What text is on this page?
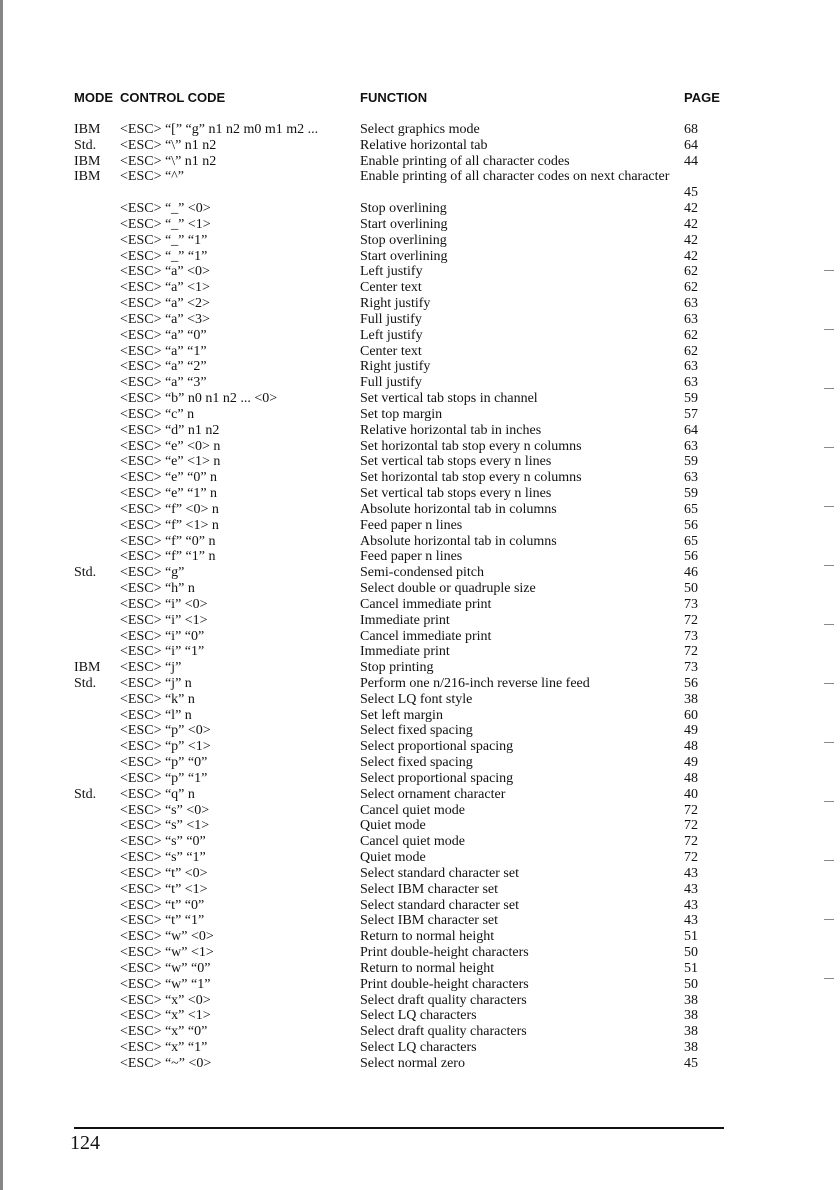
MODE CONTROL CODE	FUNCTION	PAGE
IBM <ESC> “[” “g” n1 n2 m0 m1 m2 ...	Select graphics mode	68
Std. <ESC> “\” n1 n2	Relative horizontal tab	64
IBM <ESC> “\” n1 n2	Enable printing of all character codes	44
IBM <ESC> “^”	Enable printing of all character codes on next character
45
<ESC> “_” <0>	Stop overlining	42
<ESC> “_” <1>	Start overlining	42
<ESC> “_” “1”	Stop overlining	42
<ESC> “_” “1”	Start overlining	42
<ESC> “a” <0>	Left justify	62
<ESC> “a” <1>	Center text	62
<ESC> “a” <2>	Right justify	63
<ESC> “a” <3>	Full justify	63
<ESC> “a” “0”	Left justify	62
<ESC> “a” “1”	Center text	62
<ESC> “a” “2”	Right justify	63
<ESC> “a” “3”	Full justify	63
<ESC> “b” n0 n1 n2 ... <0>	Set vertical tab stops in channel	59
<ESC> “c” n	Set top margin	57
<ESC> “d” n1 n2	Relative horizontal tab in inches	64
<ESC> “e” <0> n	Set horizontal tab stop every n columns	63
<ESC> “e” <1> n	Set vertical tab stops every n lines	59
<ESC> “e” “0” n	Set horizontal tab stop every n columns	63
<ESC> “e” “1” n	Set vertical tab stops every n lines	59
<ESC> “f” <0> n	Absolute horizontal tab in columns	65
<ESC> “f” <1> n	Feed paper n lines	56
<ESC> “f” “0” n	Absolute horizontal tab in columns	65
<ESC> “f” “1” n	Feed paper n lines	56
Std. <ESC> “g”	Semi-condensed pitch	46
<ESC> “h” n	Select double or quadruple size	50
<ESC> “i” <0>	Cancel immediate print	73
<ESC> “i” <1>	Immediate print	72
<ESC> “i” “0”	Cancel immediate print	73
<ESC> “i” “1”	Immediate print	72
IBM <ESC> “j”	Stop printing	73
Std. <ESC> “j” n	Perform one n/216-inch reverse line feed	56
<ESC> “k” n	Select LQ font style	38
<ESC> “l” n	Set left margin	60
<ESC> “p” <0>	Select fixed spacing	49
<ESC> “p” <1>	Select proportional spacing	48
<ESC> “p” “0”	Select fixed spacing	49
<ESC> “p” “1”	Select proportional spacing	48
Std. <ESC> “q” n	Select ornament character	40
<ESC> “s” <0>	Cancel quiet mode	72
<ESC> “s” <1>	Quiet mode	72
<ESC> “s” “0”	Cancel quiet mode	72
<ESC> “s” “1”	Quiet mode	72
<ESC> “t” <0>	Select standard character set	43
<ESC> “t” <1>	Select IBM character set	43
<ESC> “t” “0”	Select standard character set	43
<ESC> “t” “1”	Select IBM character set	43
<ESC> “w” <0>	Return to normal height	51
<ESC> “w” <1>	Print double-height characters	50
<ESC> “w” “0”	Return to normal height	51
<ESC> “w” “1”	Print double-height characters	50
<ESC> “x” <0>	Select draft quality characters	38
<ESC> “x” <1>	Select LQ characters	38
<ESC> “x” “0”	Select draft quality characters	38
<ESC> “x” “1”	Select LQ characters	38
<ESC> “~” <0>	Select normal zero	45
124
